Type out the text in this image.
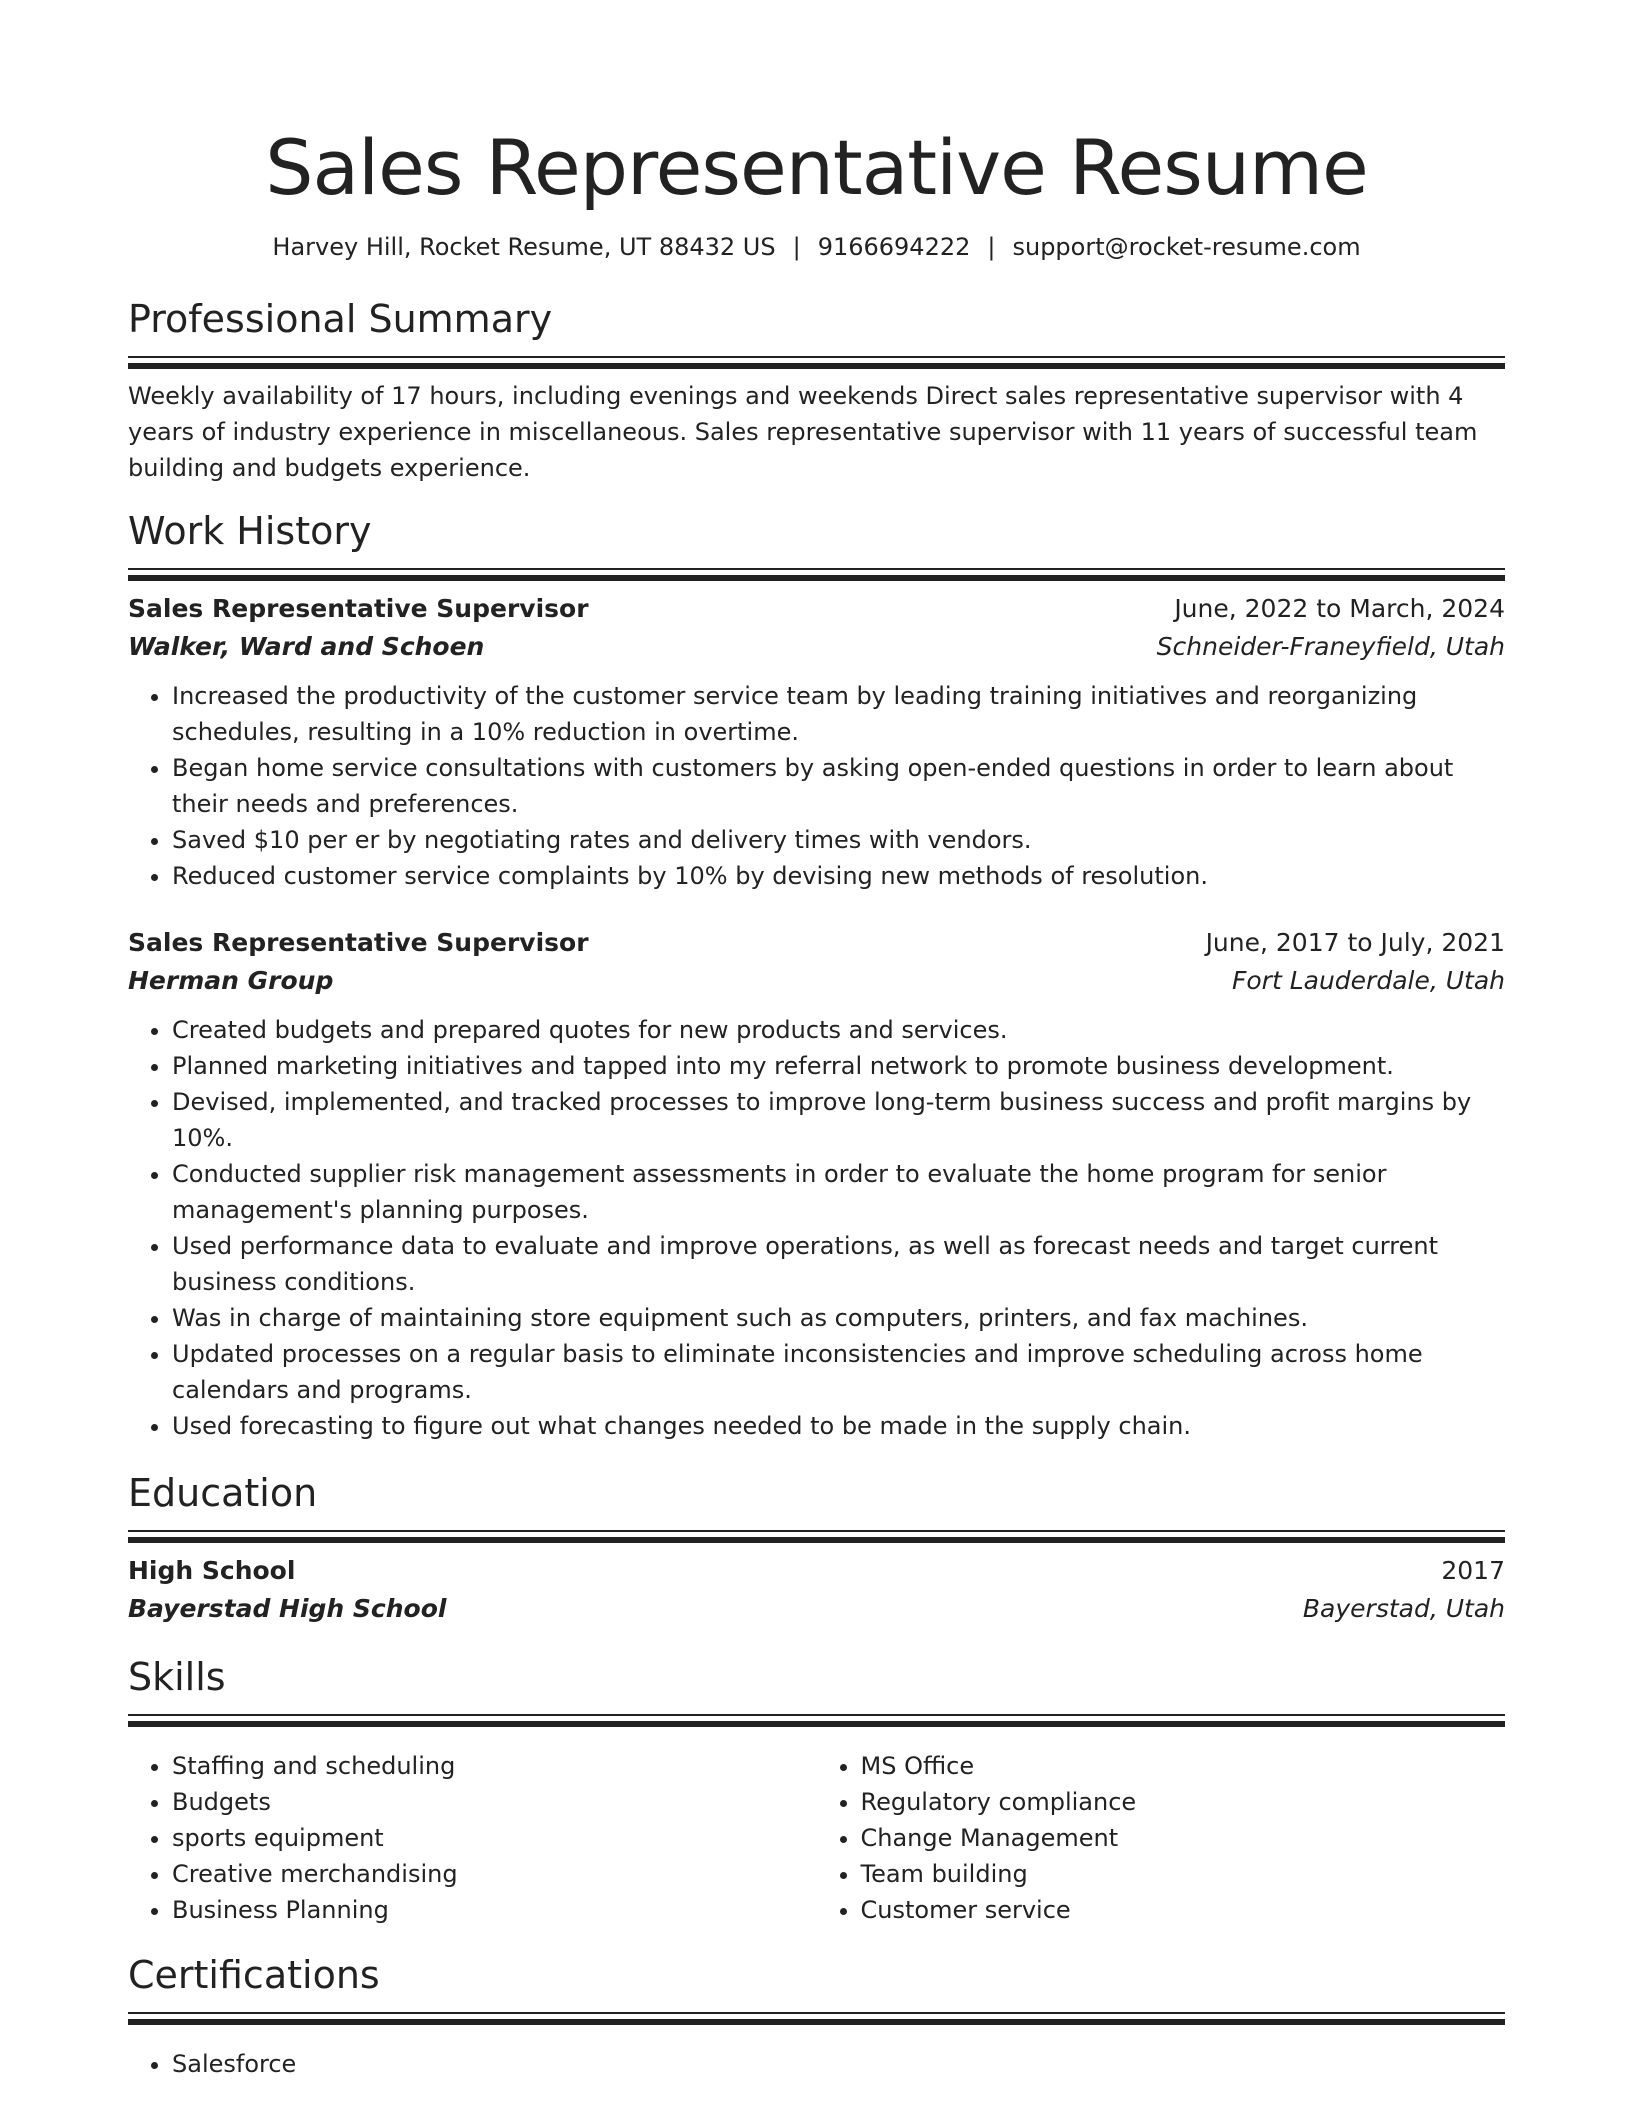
Sales Representative Resume
Harvey Hill, Rocket Resume, UT 88432 US | 9166694222 | support@rocket-resume.com
Professional Summary

Weekly availability of 17 hours, including evenings and weekends Direct sales representative supervisor with 4 years of industry experience in miscellaneous. Sales representative supervisor with 11 years of successful team building and budgets experience.

Work History
Sales Representative Supervisor	June, 2022 to March, 2024
Walker, Ward and Schoen	Schneider-Franeyfield, Utah
• Increased the productivity of the customer service team by leading training initiatives and reorganizing schedules, resulting in a 10% reduction in overtime.
• Began home service consultations with customers by asking open-ended questions in order to learn about their needs and preferences.
• Saved $10 per er by negotiating rates and delivery times with vendors.
• Reduced customer service complaints by 10% by devising new methods of resolution.
Sales Representative Supervisor	June, 2017 to July, 2021
Herman Group	Fort Lauderdale, Utah
• Created budgets and prepared quotes for new products and services.
• Planned marketing initiatives and tapped into my referral network to promote business development.
• Devised, implemented, and tracked processes to improve long-term business success and profit margins by 10%.
• Conducted supplier risk management assessments in order to evaluate the home program for senior management's planning purposes.
• Used performance data to evaluate and improve operations, as well as forecast needs and target current business conditions.
• Was in charge of maintaining store equipment such as computers, printers, and fax machines.
• Updated processes on a regular basis to eliminate inconsistencies and improve scheduling across home calendars and programs.
• Used forecasting to figure out what changes needed to be made in the supply chain.
Education
High School	2017
Bayerstad High School	Bayerstad, Utah
Skills
• Staffing and scheduling
• Budgets
• sports equipment
• Creative merchandising
• Business Planning
• MS Office
• Regulatory compliance
• Change Management
• Team building
• Customer service
Certifications
• Salesforce
